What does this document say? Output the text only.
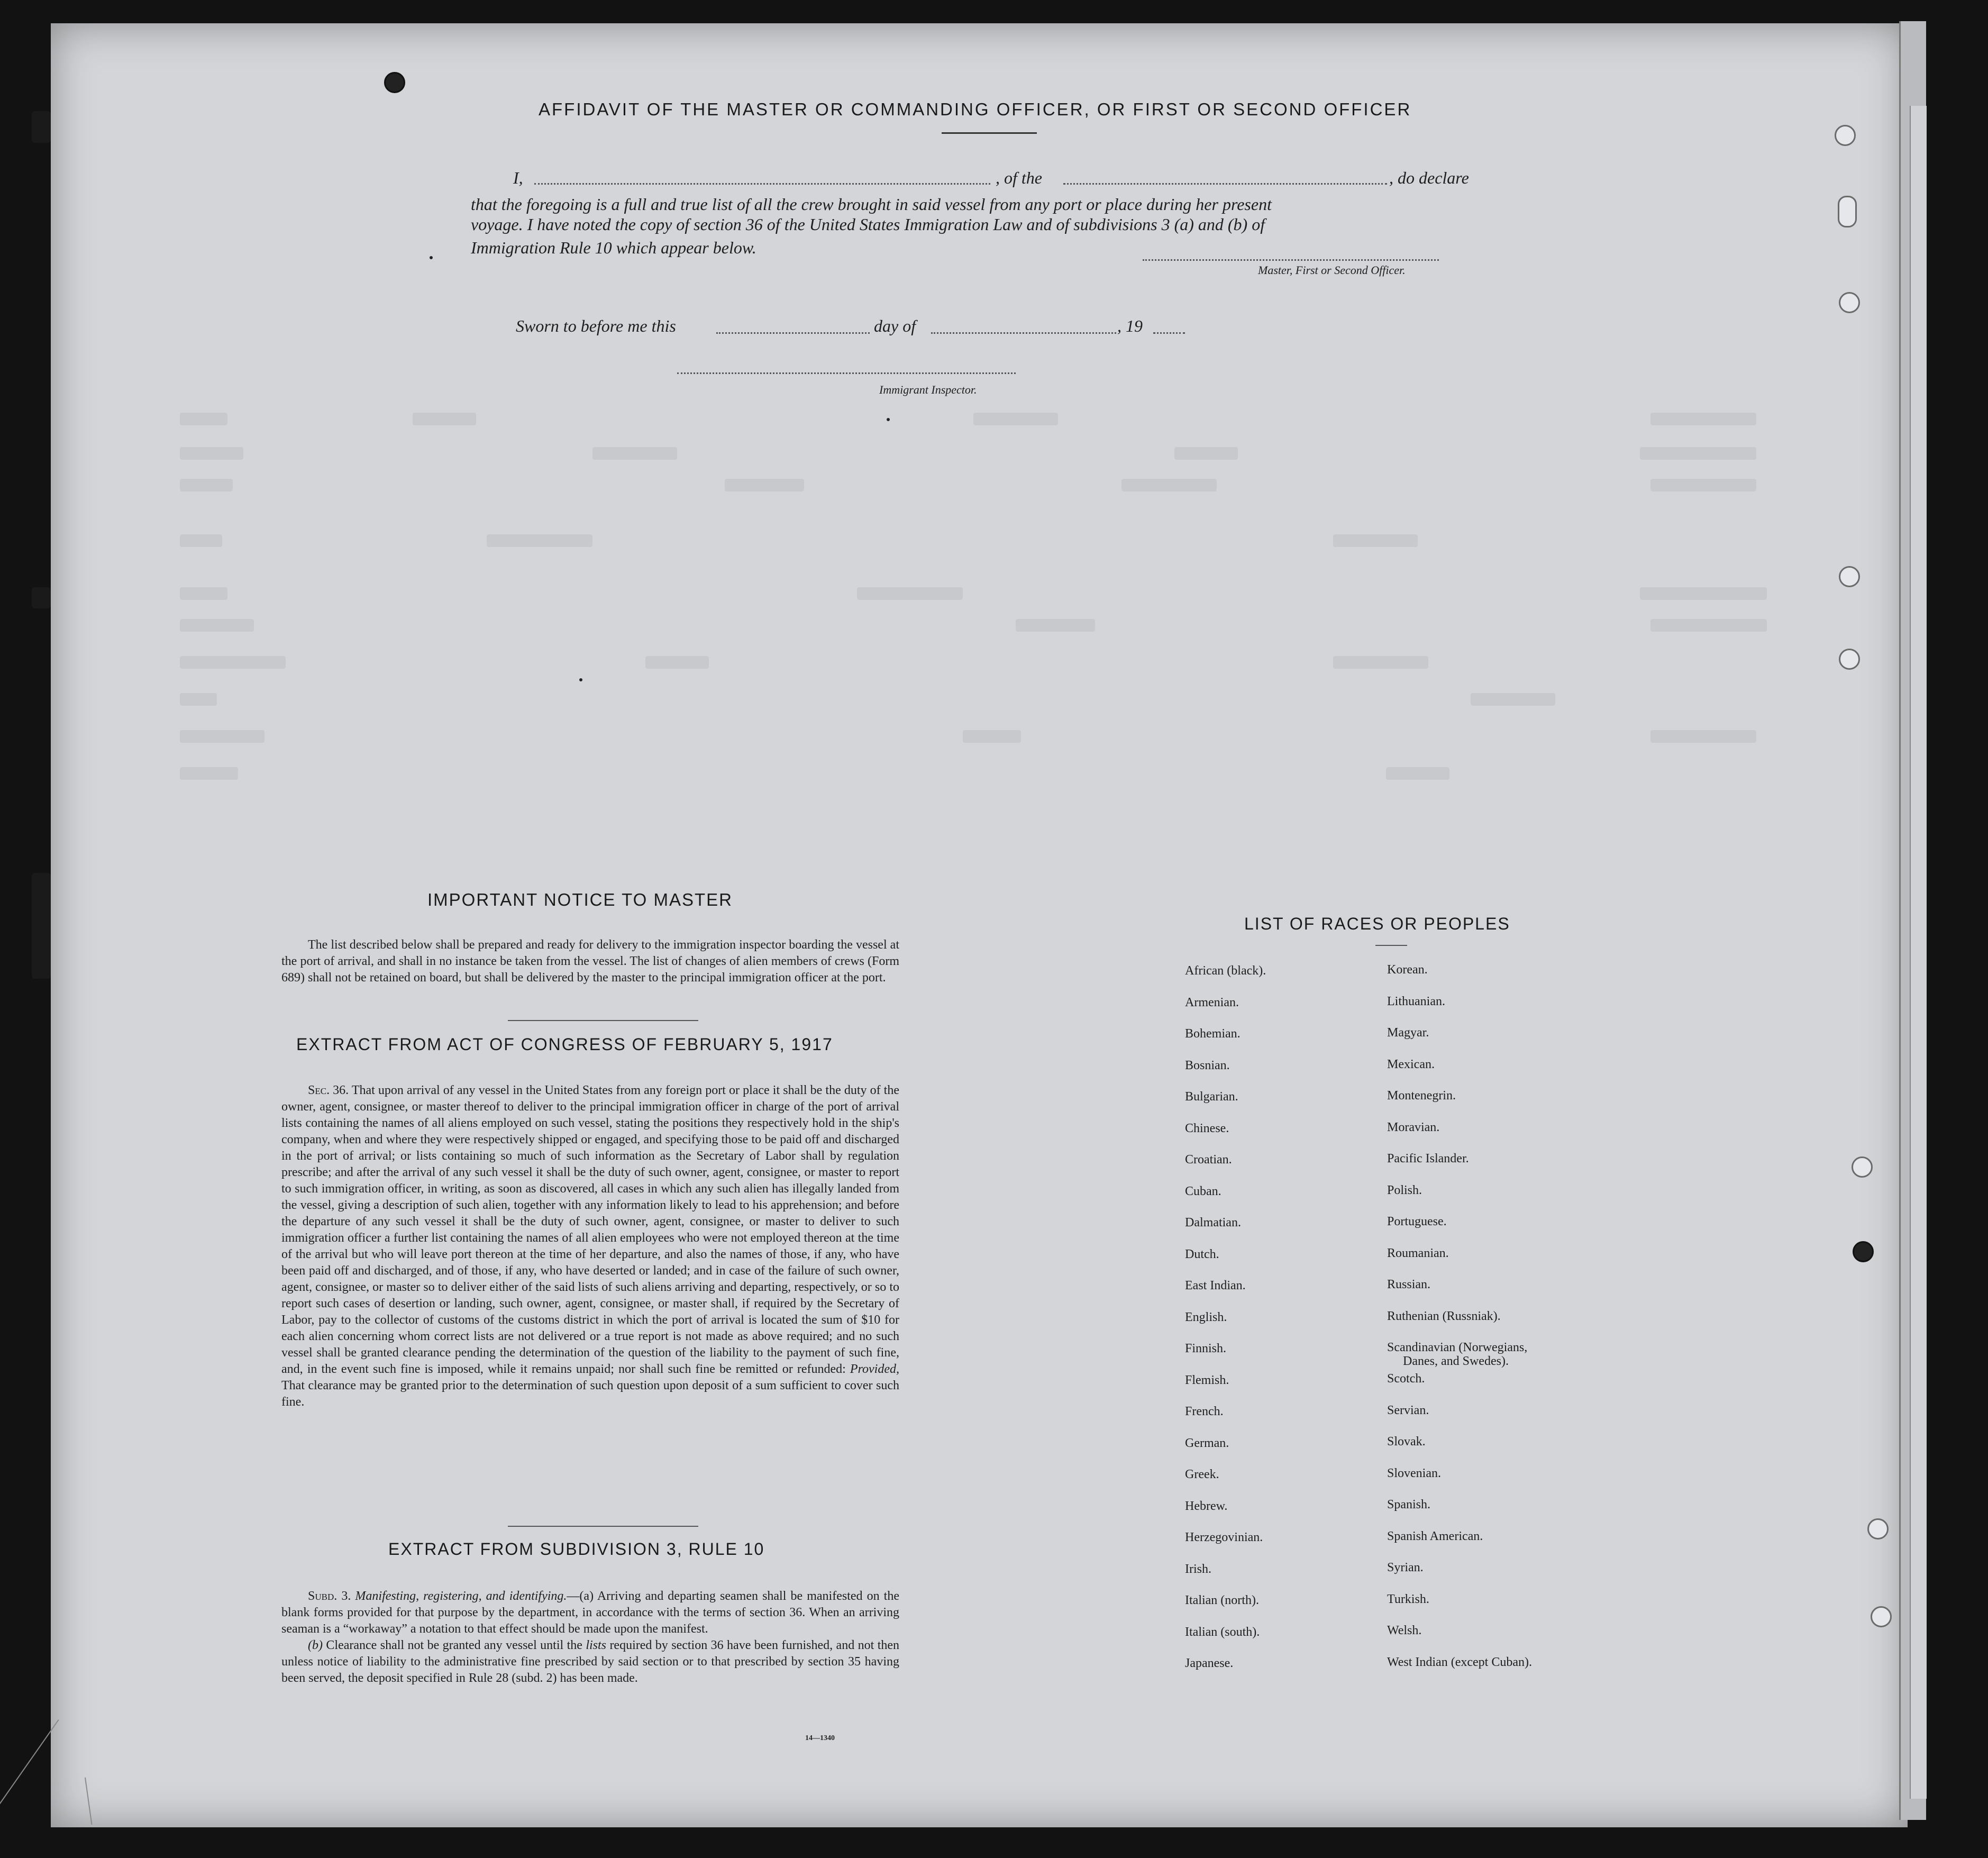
AFFIDAVIT OF THE MASTER OR COMMANDING OFFICER, OR FIRST OR SECOND OFFICER
I,	, of the	, do declare
that the foregoing is a full and true list of all the crew brought in said vessel from any port or place during her present
voyage. I have noted the copy of section 36 of the United States Immigration Law and of subdivisions 3 (a) and (b) of
Immigration Rule 10 which appear below.
Master, First or Second Officer.
Sworn to before me this	day of	, 19
Immigrant Inspector.
IMPORTANT NOTICE TO MASTER

The list described below shall be prepared and ready for delivery to the immigration inspector boarding the vessel at the port of arrival, and shall in no instance be taken from the vessel. The list of changes of alien members of crews (Form 689) shall not be retained on board, but shall be delivered by the master to the principal immigration officer at the port.

EXTRACT FROM ACT OF CONGRESS OF FEBRUARY 5, 1917

Sec. 36. That upon arrival of any vessel in the United States from any foreign port or place it shall be the duty of the owner, agent, consignee, or master thereof to deliver to the principal immigration officer in charge of the port of arrival lists containing the names of all aliens employed on such vessel, stating the positions they respectively hold in the ship's company, when and where they were respectively shipped or engaged, and specifying those to be paid off and discharged in the port of arrival; or lists containing so much of such information as the Secretary of Labor shall by regulation prescribe; and after the arrival of any such vessel it shall be the duty of such owner, agent, consignee, or master to report to such immigration officer, in writing, as soon as discovered, all cases in which any such alien has illegally landed from the vessel, giving a description of such alien, together with any information likely to lead to his apprehension; and before the departure of any such vessel it shall be the duty of such owner, agent, consignee, or master to deliver to such immigration officer a further list containing the names of all alien employees who were not employed thereon at the time of the arrival but who will leave port thereon at the time of her departure, and also the names of those, if any, who have been paid off and discharged, and of those, if any, who have deserted or landed; and in case of the failure of such owner, agent, consignee, or master so to deliver either of the said lists of such aliens arriving and departing, respectively, or so to report such cases of desertion or landing, such owner, agent, consignee, or master shall, if required by the Secretary of Labor, pay to the collector of customs of the customs district in which the port of arrival is located the sum of $10 for each alien concerning whom correct lists are not delivered or a true report is not made as above required; and no such vessel shall be granted clearance pending the determination of the question of the liability to the payment of such fine, and, in the event such fine is imposed, while it remains unpaid; nor shall such fine be remitted or refunded: Provided, That clearance may be granted prior to the determination of such question upon deposit of a sum sufficient to cover such fine.

EXTRACT FROM SUBDIVISION 3, RULE 10

Subd. 3. Manifesting, registering, and identifying.—(a) Arriving and departing seamen shall be manifested on the blank forms provided for that purpose by the department, in accordance with the terms of section 36. When an arriving seaman is a “workaway” a notation to that effect should be made upon the manifest.

(b) Clearance shall not be granted any vessel until the lists required by section 36 have been furnished, and not then unless notice of liability to the administrative fine prescribed by said section or to that prescribed by section 35 having been served, the deposit specified in Rule 28 (subd. 2) has been made.

14—1340
LIST OF RACES OR PEOPLES
African (black).
Armenian.
Bohemian.
Bosnian.
Bulgarian.
Chinese.
Croatian.
Cuban.
Dalmatian.
Dutch.
East Indian.
English.
Finnish.
Flemish.
French.
German.
Greek.
Hebrew.
Herzegovinian.
Irish.
Italian (north).
Italian (south).
Japanese.
Korean.
Lithuanian.
Magyar.
Mexican.
Montenegrin.
Moravian.
Pacific Islander.
Polish.
Portuguese.
Roumanian.
Russian.
Ruthenian (Russniak).
Scandinavian (Norwegians,
Danes, and Swedes).
Scotch.
Servian.
Slovak.
Slovenian.
Spanish.
Spanish American.
Syrian.
Turkish.
Welsh.
West Indian (except Cuban).
